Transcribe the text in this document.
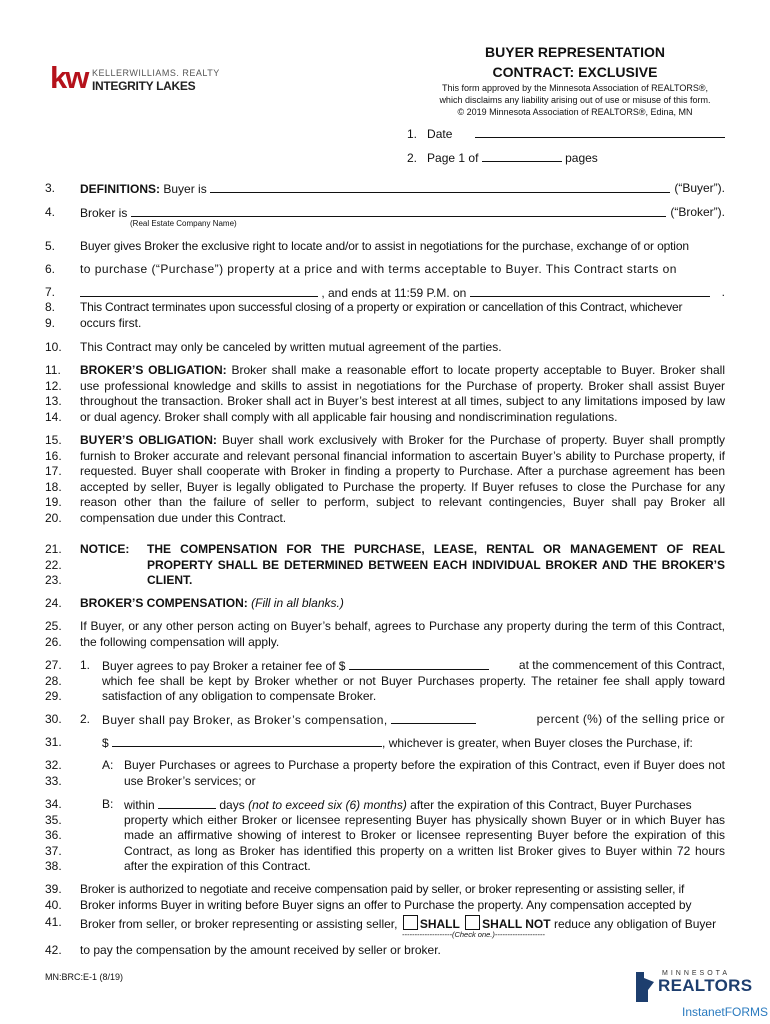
kw KELLERWILLIAMS. REALTY
INTEGRITY LAKES
BUYER REPRESENTATION
CONTRACT: EXCLUSIVE
This form approved by the Minnesota Association of REALTORS®,
which disclaims any liability arising out of use or misuse of this form.
© 2019 Minnesota Association of REALTORS®, Edina, MN
1. Date
2. Page 1 of	pages
3.	DEFINITIONS: Buyer is	(“Buyer”).
4.	Broker is	(“Broker”).
(Real Estate Company Name)
5.	Buyer gives Broker the exclusive right to locate and/or to assist in negotiations for the purchase, exchange of or option
6.	to purchase (“Purchase”) property at a price and with terms acceptable to Buyer. This Contract starts on
7.	, and ends at 11:59 P.M. on	.
8.
9.
This Contract terminates upon successful closing of a property or expiration or cancellation of this Contract, whichever
occurs first.
10.	This Contract may only be canceled by written mutual agreement of the parties.
11.
12.
13.
14.
BROKER’S OBLIGATION: Broker shall make a reasonable effort to locate property acceptable to Buyer. Broker shall use professional knowledge and skills to assist in negotiations for the Purchase of property. Broker shall assist Buyer throughout the transaction. Broker shall act in Buyer’s best interest at all times, subject to any limitations imposed by law or dual agency. Broker shall comply with all applicable fair housing and nondiscrimination regulations.
15.
16.
17.
18.
19.
20.
BUYER’S OBLIGATION: Buyer shall work exclusively with Broker for the Purchase of property. Buyer shall promptly furnish to Broker accurate and relevant personal financial information to ascertain Buyer’s ability to Purchase property, if requested. Buyer shall cooperate with Broker in finding a property to Purchase. After a purchase agreement has been accepted by seller, Buyer is legally obligated to Purchase the property. If Buyer refuses to close the Purchase for any reason other than the failure of seller to perform, subject to relevant contingencies, Buyer shall pay Broker all compensation due under this Contract.
21.
22.
23.
NOTICE: THE COMPENSATION FOR THE PURCHASE, LEASE, RENTAL OR MANAGEMENT OF REAL PROPERTY SHALL BE DETERMINED BETWEEN EACH INDIVIDUAL BROKER AND THE BROKER’S CLIENT.
24.	BROKER’S COMPENSATION: (Fill in all blanks.)
25.
26.
If Buyer, or any other person acting on Buyer’s behalf, agrees to Purchase any property during the term of this Contract, the following compensation will apply.
27.
28.
29.
1. Buyer agrees to pay Broker a retainer fee of $	at the commencement of this Contract,
which fee shall be kept by Broker whether or not Buyer Purchases property. The retainer fee shall apply toward satisfaction of any obligation to compensate Broker.
30.	2. Buyer shall pay Broker, as Broker’s compensation,	percent (%) of the selling price or
31.	$	, whichever is greater, when Buyer closes the Purchase, if:
32.
33.
A: Buyer Purchases or agrees to Purchase a property before the expiration of this Contract, even if Buyer does not use Broker’s services; or
34.
35.
36.
37.
38.
B: within	days (not to exceed six (6) months) after the expiration of this Contract, Buyer Purchases
property which either Broker or licensee representing Buyer has physically shown Buyer or in which Buyer has made an affirmative showing of interest to Broker or licensee representing Buyer before the expiration of this Contract, as long as Broker has identified this property on a written list Broker gives to Buyer within 72 hours after the expiration of this Contract.
39.
40.
Broker is authorized to negotiate and receive compensation paid by seller, or broker representing or assisting seller, if
Broker informs Buyer in writing before Buyer signs an offer to Purchase the property. Any compensation accepted by
41.	Broker from seller, or broker representing or assisting seller, SHALL SHALL NOT reduce any obligation of Buyer
--------------------(Check one.)--------------------
42.	to pay the compensation by the amount received by seller or broker.
MN:BRC:E-1 (8/19)	MINNESOTA
REALTORS
InstanetFORMS
